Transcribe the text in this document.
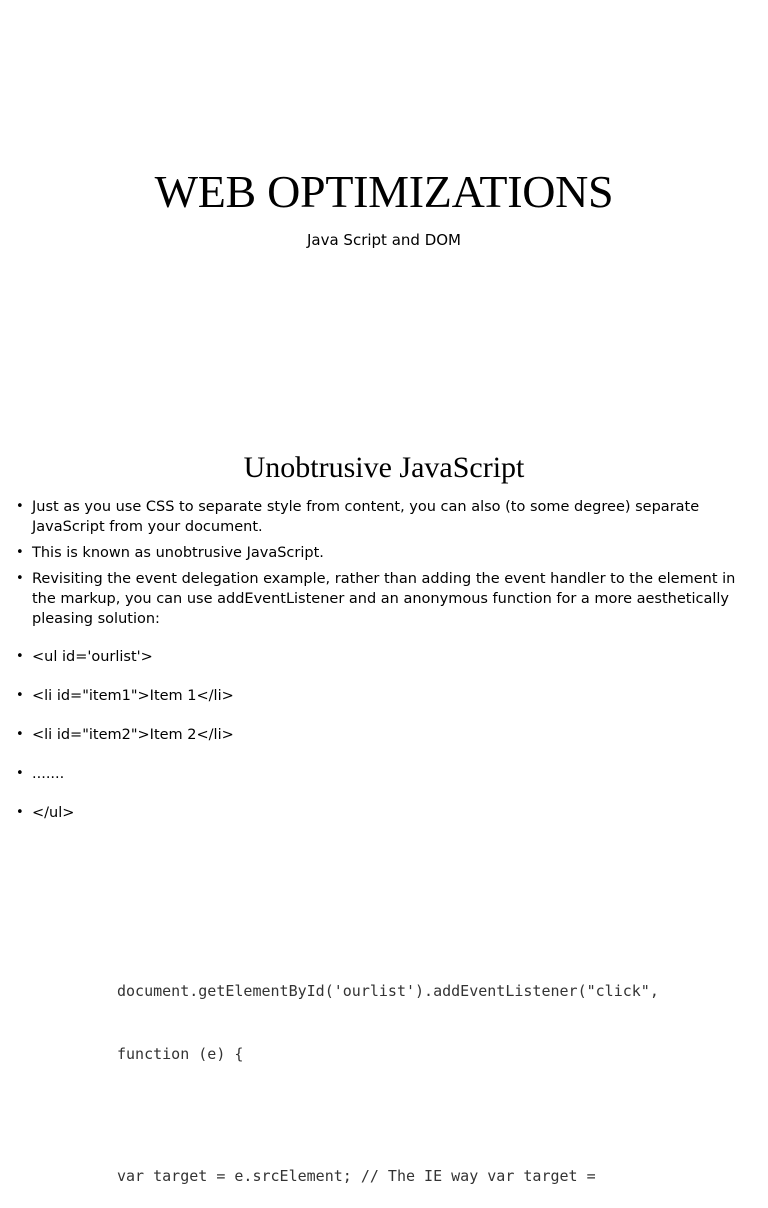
WEB OPTIMIZATIONS
Java Script and DOM
Unobtrusive JavaScript
• Just as you use CSS to separate style from content, you can also (to some degree) separate JavaScript from your document.
• This is known as unobtrusive JavaScript.
• Revisiting the event delegation example, rather than adding the event handler to the element in the markup, you can use addEventListener and an anonymous function for a more aesthetically pleasing solution:
• <ul id='ourlist'>
• <li id="item1">Item 1</li>
• <li id="item2">Item 2</li>
• .......
• </ul>

document.getElementById('ourlist').addEventListener("click",

function (e) {

var target = e.srcElement; // The IE way var target =
